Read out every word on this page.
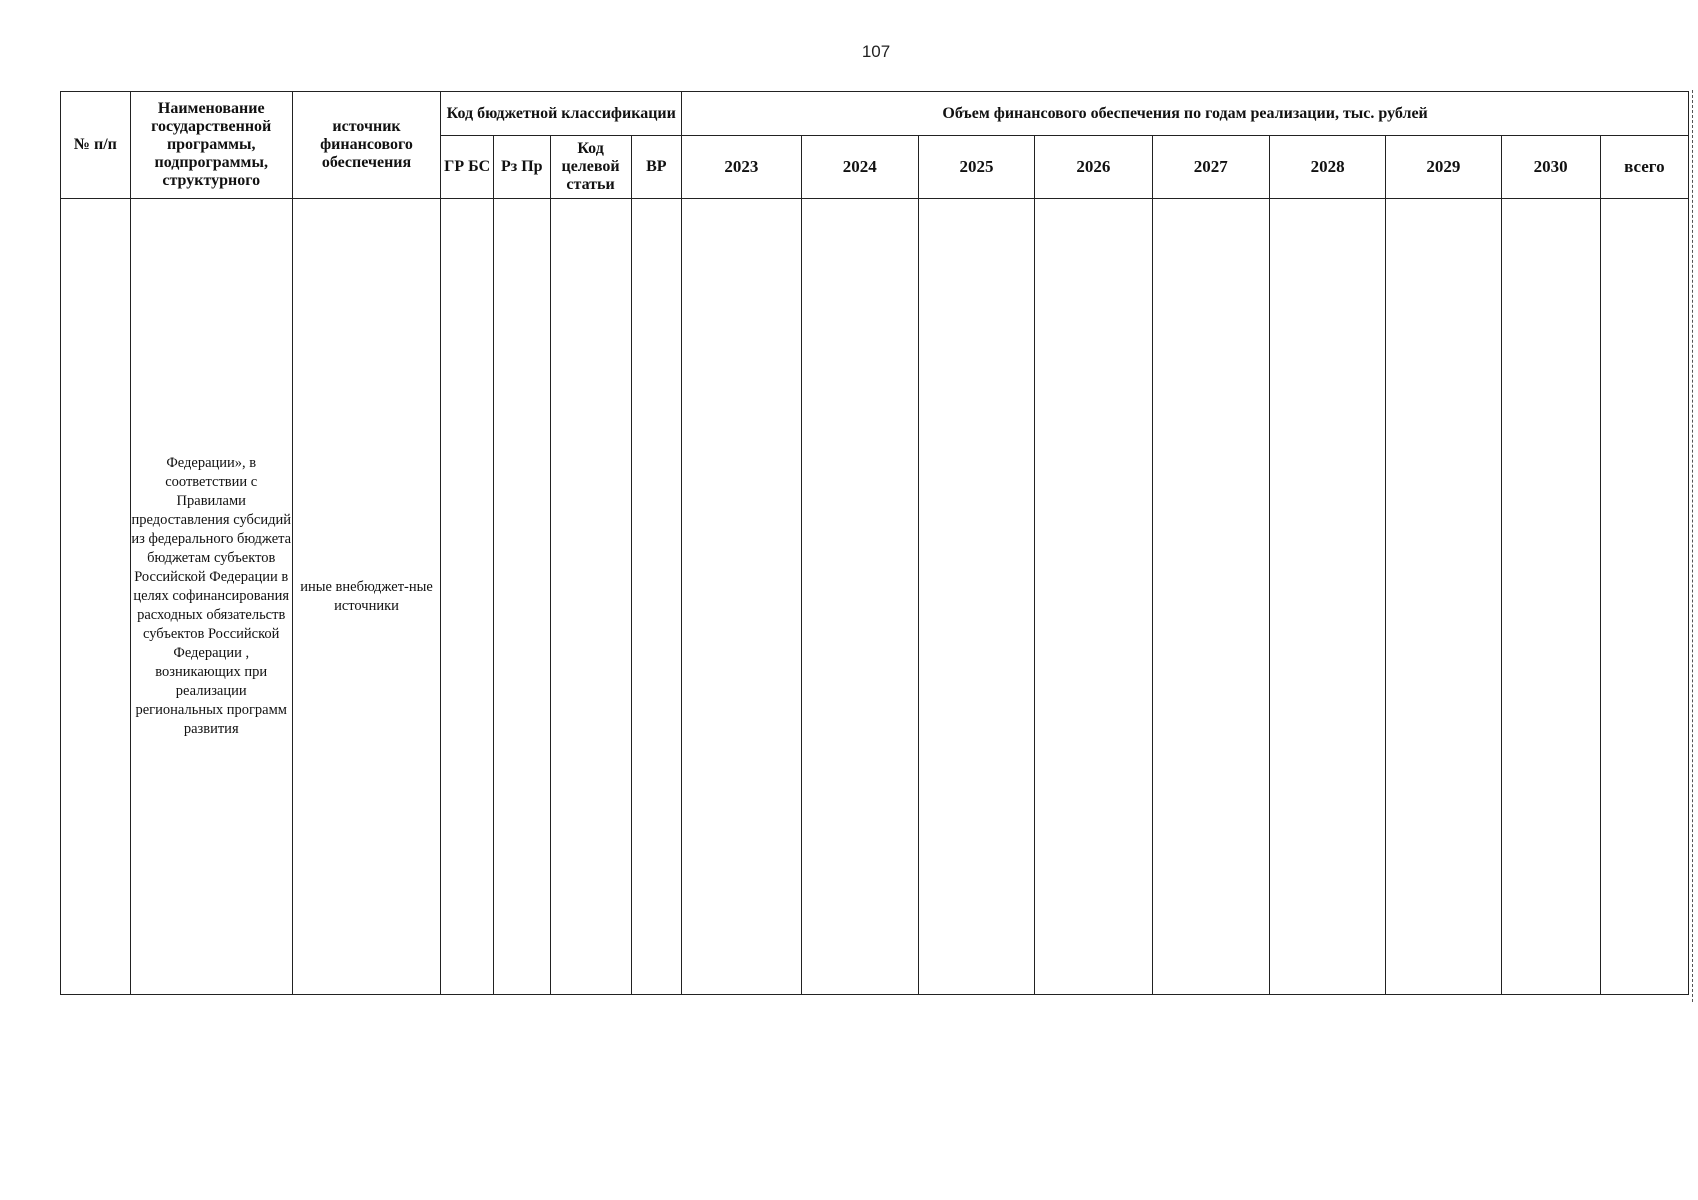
107
№ п/п	Наименование государственной программы, подпрограммы, структурного	источник финансового обеспечения	Код бюджетной классификации				Объем финансового обеспечения по годам реализации, тыс. рублей								
			ГР БС	Рз Пр	Код целевой статьи	ВР	2023	2024	2025	2026	2027	2028	2029	2030	всего
	Федерации», в соответствии с Правилами предоставления субсидий из федерального бюджета бюджетам субъектов Российской Федерации в целях софинансирования расходных обязательств субъектов Российской Федерации , возникающих при реализации региональных программ развития	иные внебюджет-ные источники													
